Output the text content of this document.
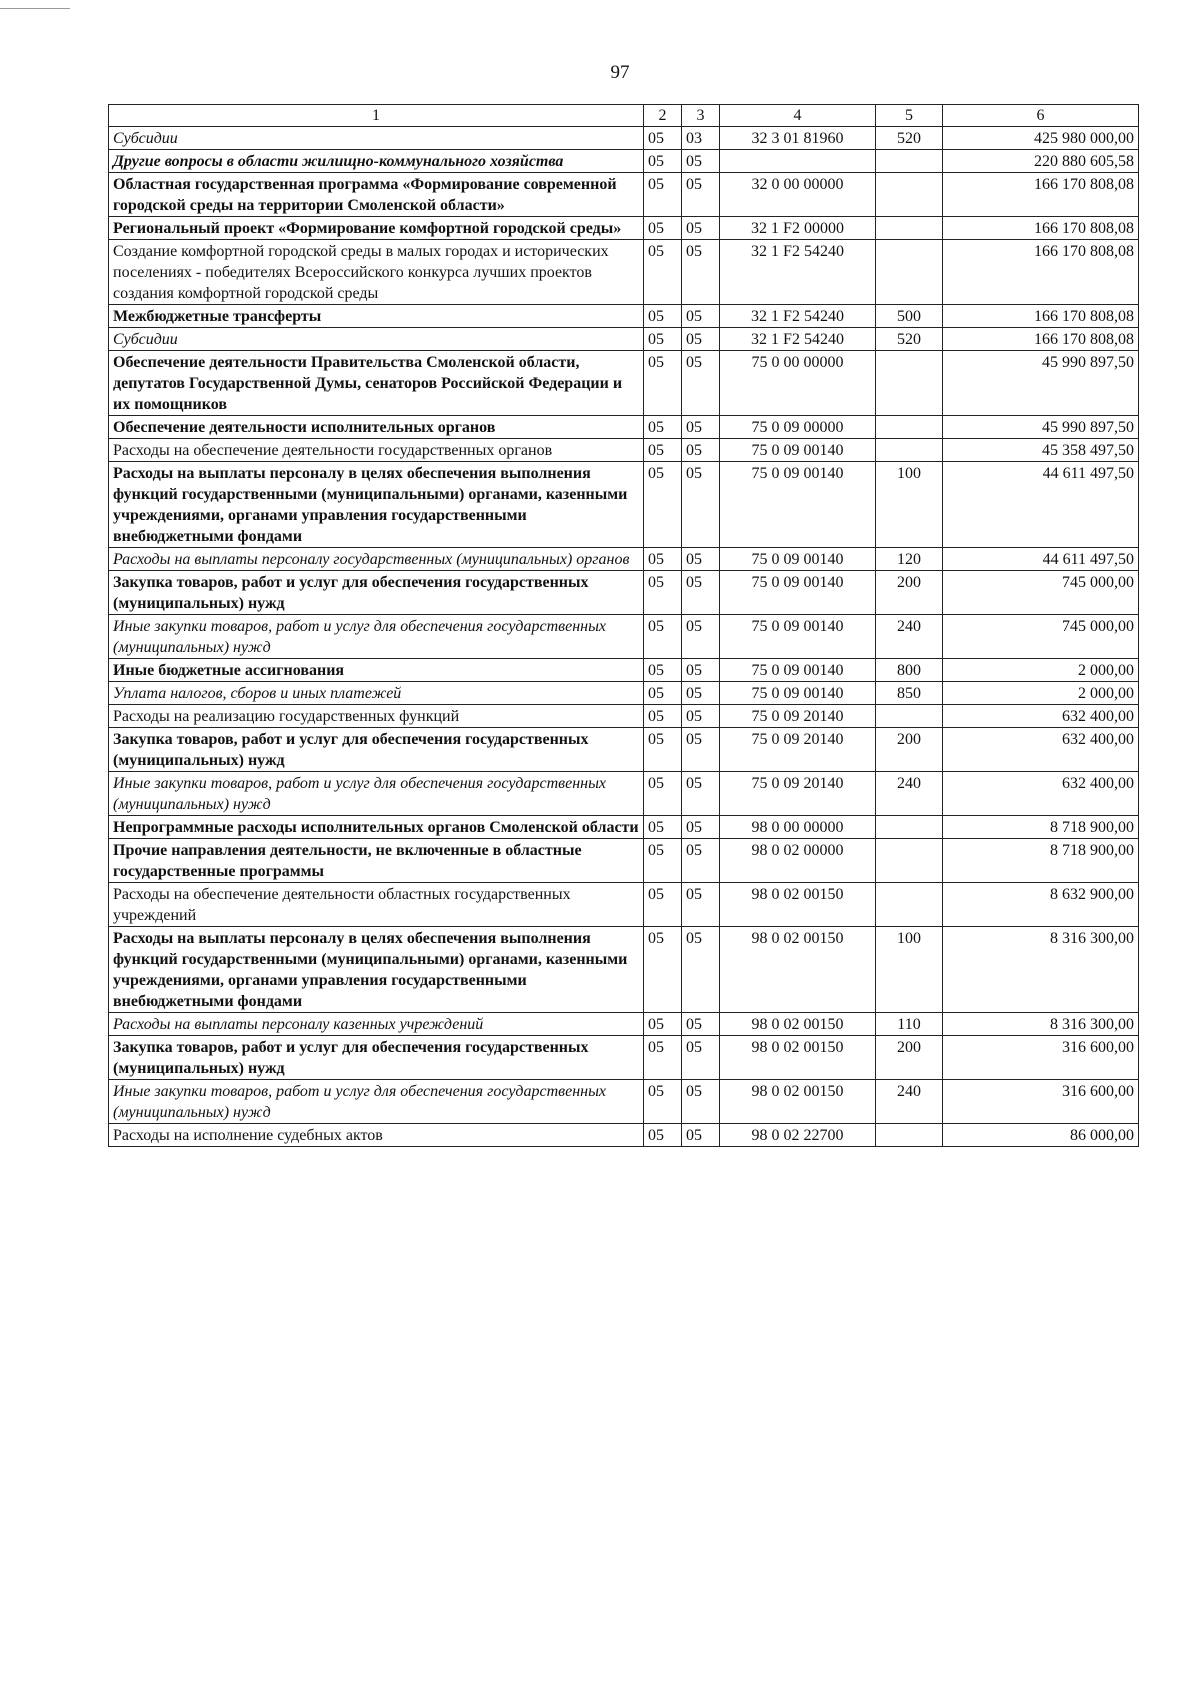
97
1	2	3	4	5	6
Субсидии	05	03	32 3 01 81960	520	425 980 000,00
Другие вопросы в области жилищно-коммунального хозяйства	05	05			220 880 605,58
Областная государственная программа «Формирование современной городской среды на территории Смоленской области»	05	05	32 0 00 00000		166 170 808,08
Региональный проект «Формирование комфортной городской среды»	05	05	32 1 F2 00000		166 170 808,08
Создание комфортной городской среды в малых городах и исторических поселениях - победителях Всероссийского конкурса лучших проектов создания комфортной городской среды	05	05	32 1 F2 54240		166 170 808,08
Межбюджетные трансферты	05	05	32 1 F2 54240	500	166 170 808,08
Субсидии	05	05	32 1 F2 54240	520	166 170 808,08
Обеспечение деятельности Правительства Смоленской области, депутатов Государственной Думы, сенаторов Российской Федерации и их помощников	05	05	75 0 00 00000		45 990 897,50
Обеспечение деятельности исполнительных органов	05	05	75 0 09 00000		45 990 897,50
Расходы на обеспечение деятельности государственных органов	05	05	75 0 09 00140		45 358 497,50
Расходы на выплаты персоналу в целях обеспечения выполнения функций государственными (муниципальными) органами, казенными учреждениями, органами управления государственными внебюджетными фондами	05	05	75 0 09 00140	100	44 611 497,50
Расходы на выплаты персоналу государственных (муниципальных) органов	05	05	75 0 09 00140	120	44 611 497,50
Закупка товаров, работ и услуг для обеспечения государственных (муниципальных) нужд	05	05	75 0 09 00140	200	745 000,00
Иные закупки товаров, работ и услуг для обеспечения государственных (муниципальных) нужд	05	05	75 0 09 00140	240	745 000,00
Иные бюджетные ассигнования	05	05	75 0 09 00140	800	2 000,00
Уплата налогов, сборов и иных платежей	05	05	75 0 09 00140	850	2 000,00
Расходы на реализацию государственных функций	05	05	75 0 09 20140		632 400,00
Закупка товаров, работ и услуг для обеспечения государственных (муниципальных) нужд	05	05	75 0 09 20140	200	632 400,00
Иные закупки товаров, работ и услуг для обеспечения государственных (муниципальных) нужд	05	05	75 0 09 20140	240	632 400,00
Непрограммные расходы исполнительных органов Смоленской области	05	05	98 0 00 00000		8 718 900,00
Прочие направления деятельности, не включенные в областные государственные программы	05	05	98 0 02 00000		8 718 900,00
Расходы на обеспечение деятельности областных государственных учреждений	05	05	98 0 02 00150		8 632 900,00
Расходы на выплаты персоналу в целях обеспечения выполнения функций государственными (муниципальными) органами, казенными учреждениями, органами управления государственными внебюджетными фондами	05	05	98 0 02 00150	100	8 316 300,00
Расходы на выплаты персоналу казенных учреждений	05	05	98 0 02 00150	110	8 316 300,00
Закупка товаров, работ и услуг для обеспечения государственных (муниципальных) нужд	05	05	98 0 02 00150	200	316 600,00
Иные закупки товаров, работ и услуг для обеспечения государственных (муниципальных) нужд	05	05	98 0 02 00150	240	316 600,00
Расходы на исполнение судебных актов	05	05	98 0 02 22700		86 000,00
